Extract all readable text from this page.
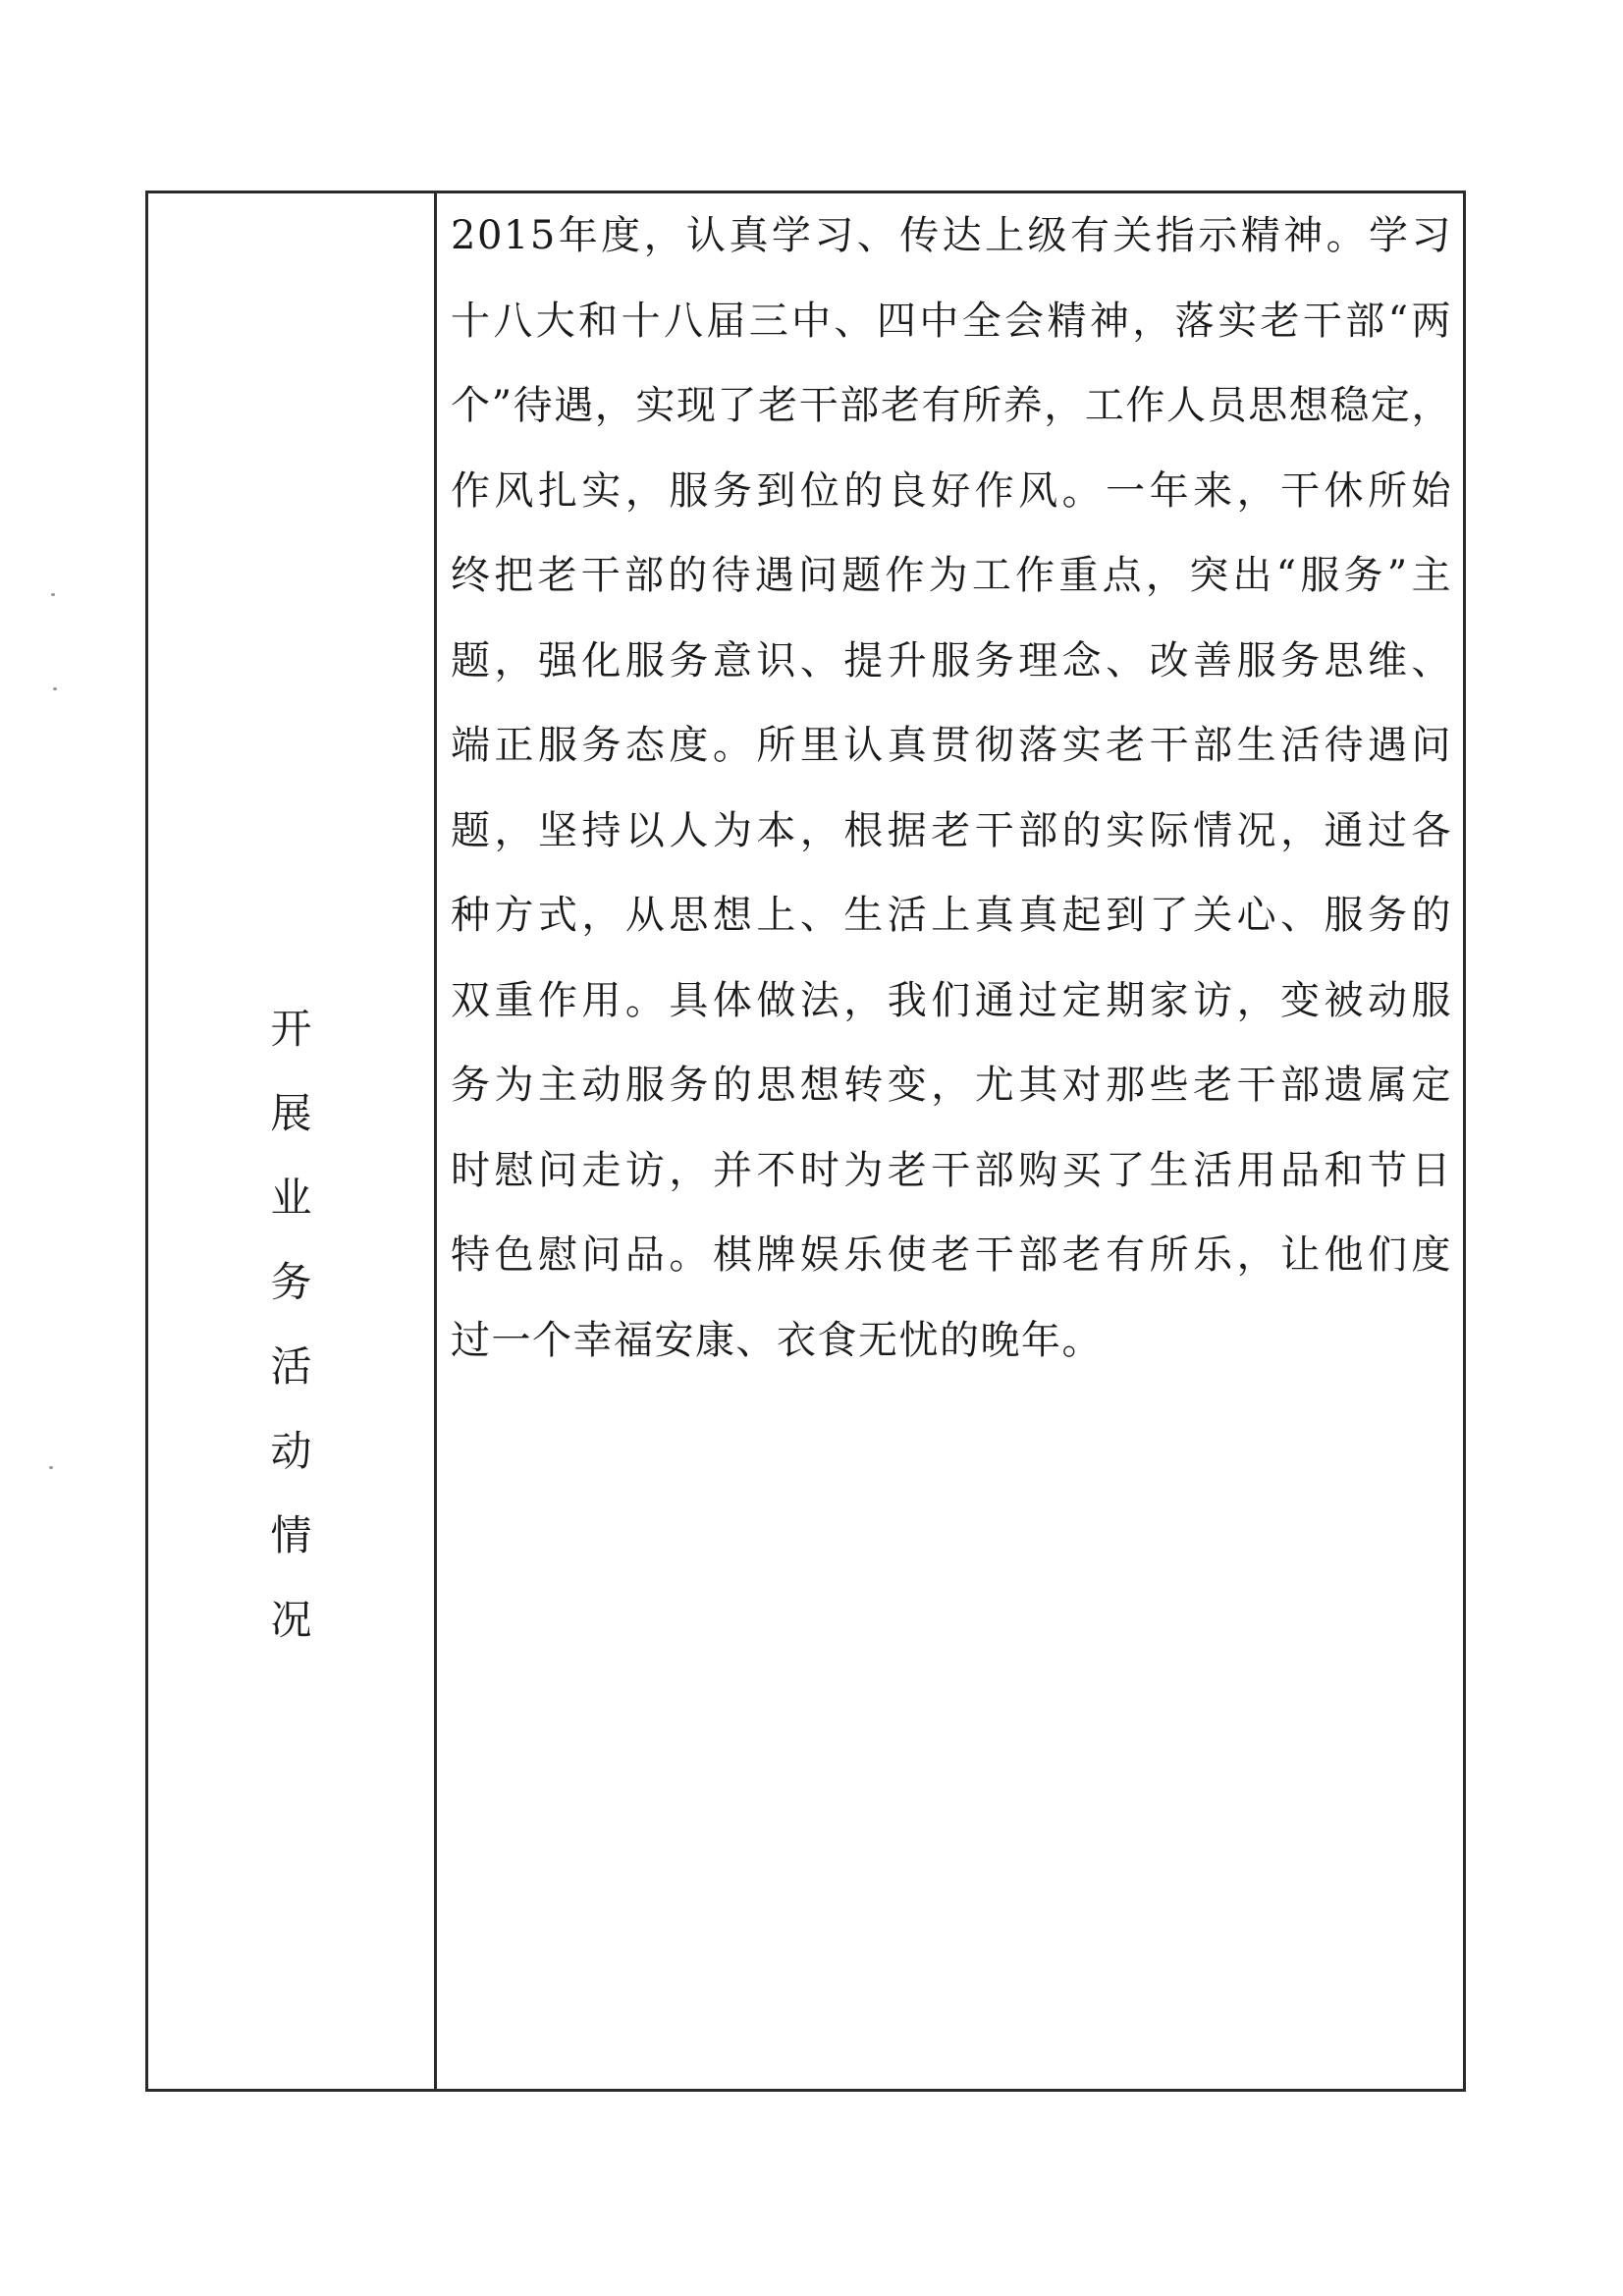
开
展
业
务
活
动
情
况
2015年度，认真学习、传达上级有关指示精神。学习
十八大和十八届三中、四中全会精神，落实老干部“两
个”待遇，实现了老干部老有所养，工作人员思想稳定，
作风扎实，服务到位的良好作风。一年来，干休所始
终把老干部的待遇问题作为工作重点，突出“服务”主
题，强化服务意识、提升服务理念、改善服务思维、
端正服务态度。所里认真贯彻落实老干部生活待遇问
题，坚持以人为本，根据老干部的实际情况，通过各
种方式，从思想上、生活上真真起到了关心、服务的
双重作用。具体做法，我们通过定期家访，变被动服
务为主动服务的思想转变，尤其对那些老干部遗属定
时慰问走访，并不时为老干部购买了生活用品和节日
特色慰问品。棋牌娱乐使老干部老有所乐，让他们度
过一个幸福安康、衣食无忧的晚年。
